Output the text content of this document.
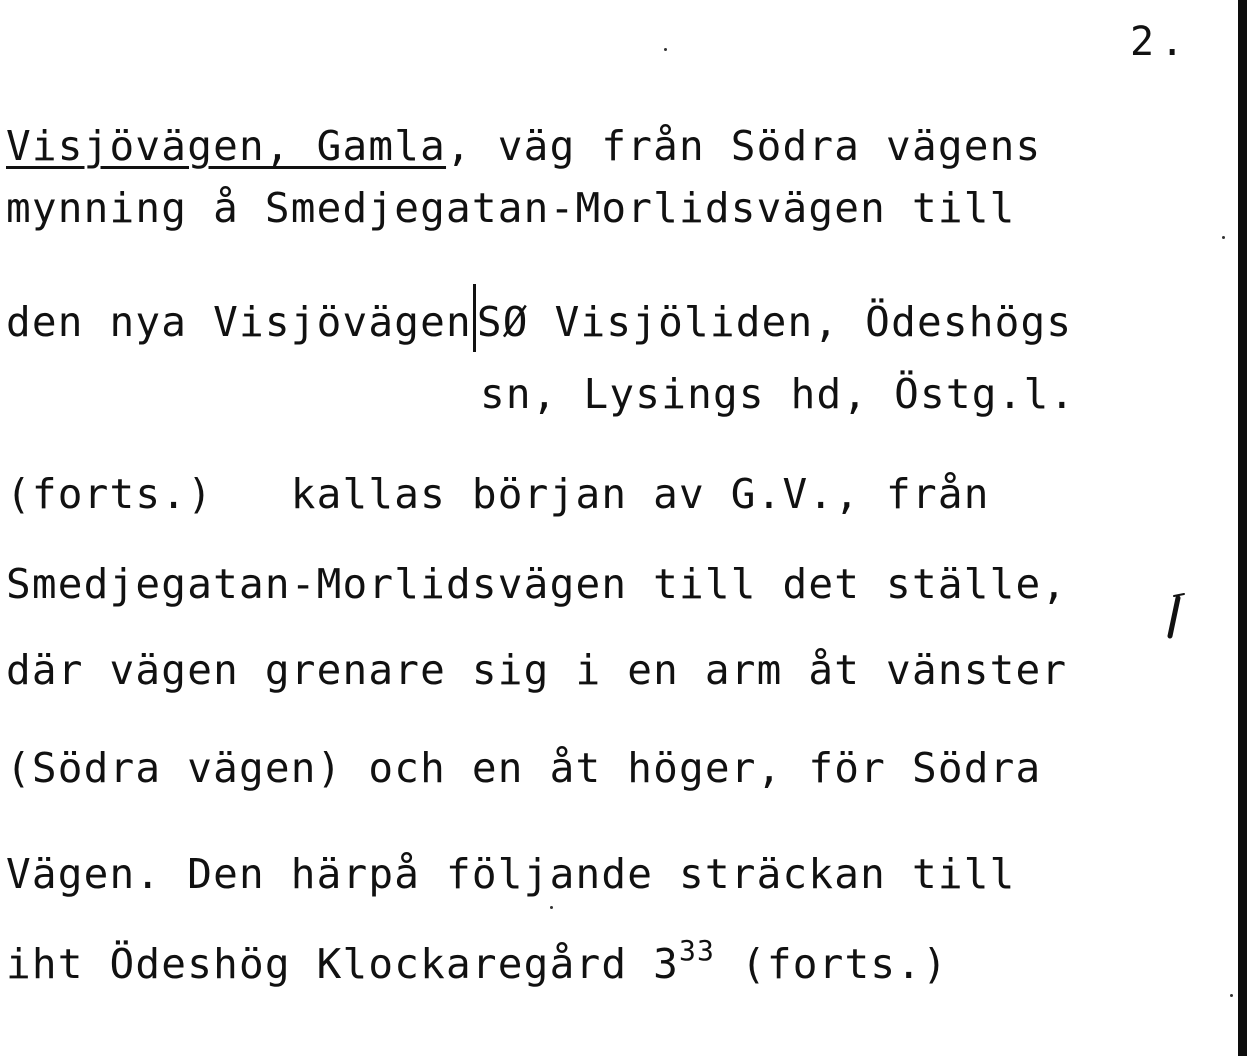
2.
Visjövägen, Gamla, väg från Södra vägens
mynning å Smedjegatan-Morlidsvägen till
den nya Visjövägen SØ Visjöliden, Ödeshögs
sn, Lysings hd, Östg.l.
(forts.)   kallas början av G.V., från
Smedjegatan-Morlidsvägen till det ställe,
där vägen grenare sig i en arm åt vänster
(Södra vägen) och en åt höger, för Södra
Vägen. Den härpå följande sträckan till
iht Ödeshög Klockaregård $3^{33}$ (forts.)
